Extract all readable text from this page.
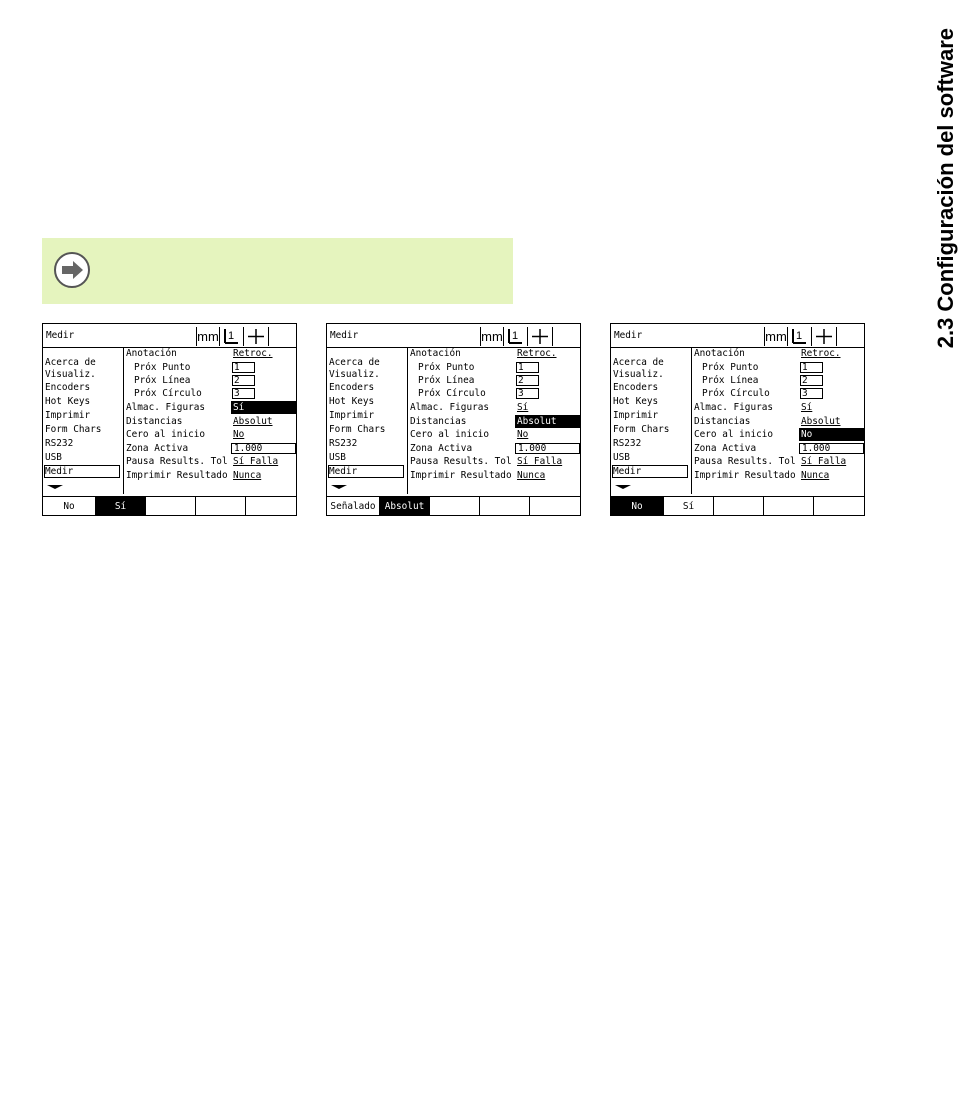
2.3 Configuración del software
Medir	mm 1
Acerca de
Visualiz.
Encoders
Hot Keys
Imprimir
Form Chars
RS232
USB
Medir
Anotación	Retroc.
Próx Punto	1
Próx Línea	2
Próx Círculo	3
Almac. Figuras	Sí
Distancias	Absolut
Cero al inicio	No
Zona Activa	1.000
Pausa Results. Tol Sí Falla
Imprimir Resultado Nunca
No	Sí
Medir	mm 1
Acerca de
Visualiz.
Encoders
Hot Keys
Imprimir
Form Chars
RS232
USB
Medir
Anotación	Retroc.
Próx Punto	1
Próx Línea	2
Próx Círculo	3
Almac. Figuras	Sí
Distancias	Absolut
Cero al inicio	No
Zona Activa	1.000
Pausa Results. Tol Sí Falla
Imprimir Resultado Nunca
Señalado Absolut
Medir	mm 1
Acerca de
Visualiz.
Encoders
Hot Keys
Imprimir
Form Chars
RS232
USB
Medir
Anotación	Retroc.
Próx Punto	1
Próx Línea	2
Próx Círculo	3
Almac. Figuras	Sí
Distancias	Absolut
Cero al inicio	No
Zona Activa	1.000
Pausa Results. Tol Sí Falla
Imprimir Resultado Nunca
No	Sí
